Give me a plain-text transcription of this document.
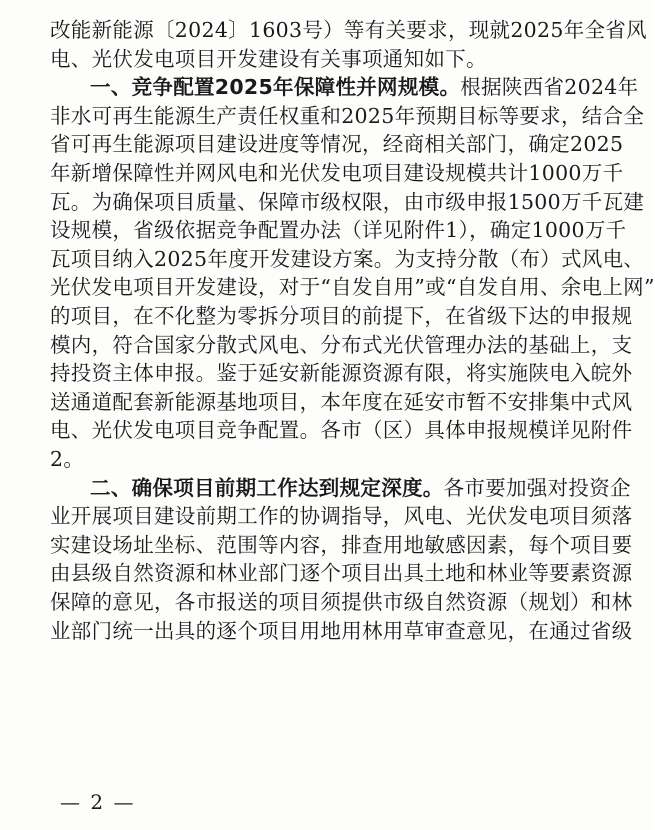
改能新能源〔2024〕1603号）等有关要求，现就2025年全省风
电、光伏发电项目开发建设有关事项通知如下。
一、竞争配置2025年保障性并网规模。根据陕西省2024年
非水可再生能源生产责任权重和2025年预期目标等要求，结合全
省可再生能源项目建设进度等情况，经商相关部门，确定2025
年新增保障性并网风电和光伏发电项目建设规模共计1000万千
瓦。为确保项目质量、保障市级权限，由市级申报1500万千瓦建
设规模，省级依据竞争配置办法（详见附件1），确定1000万千
瓦项目纳入2025年度开发建设方案。为支持分散（布）式风电、
光伏发电项目开发建设，对于“自发自用”或“自发自用、余电上网”
的项目，在不化整为零拆分项目的前提下，在省级下达的申报规
模内，符合国家分散式风电、分布式光伏管理办法的基础上，支
持投资主体申报。鉴于延安新能源资源有限，将实施陕电入皖外
送通道配套新能源基地项目，本年度在延安市暂不安排集中式风
电、光伏发电项目竞争配置。各市（区）具体申报规模详见附件
2。
二、确保项目前期工作达到规定深度。各市要加强对投资企
— 2 —
业开展项目建设前期工作的协调指导，风电、光伏发电项目须落
实建设场址坐标、范围等内容，排查用地敏感因素，每个项目要
由县级自然资源和林业部门逐个项目出具土地和林业等要素资源
保障的意见，各市报送的项目须提供市级自然资源（规划）和林
业部门统一出具的逐个项目用地用林用草审查意见，在通过省级
